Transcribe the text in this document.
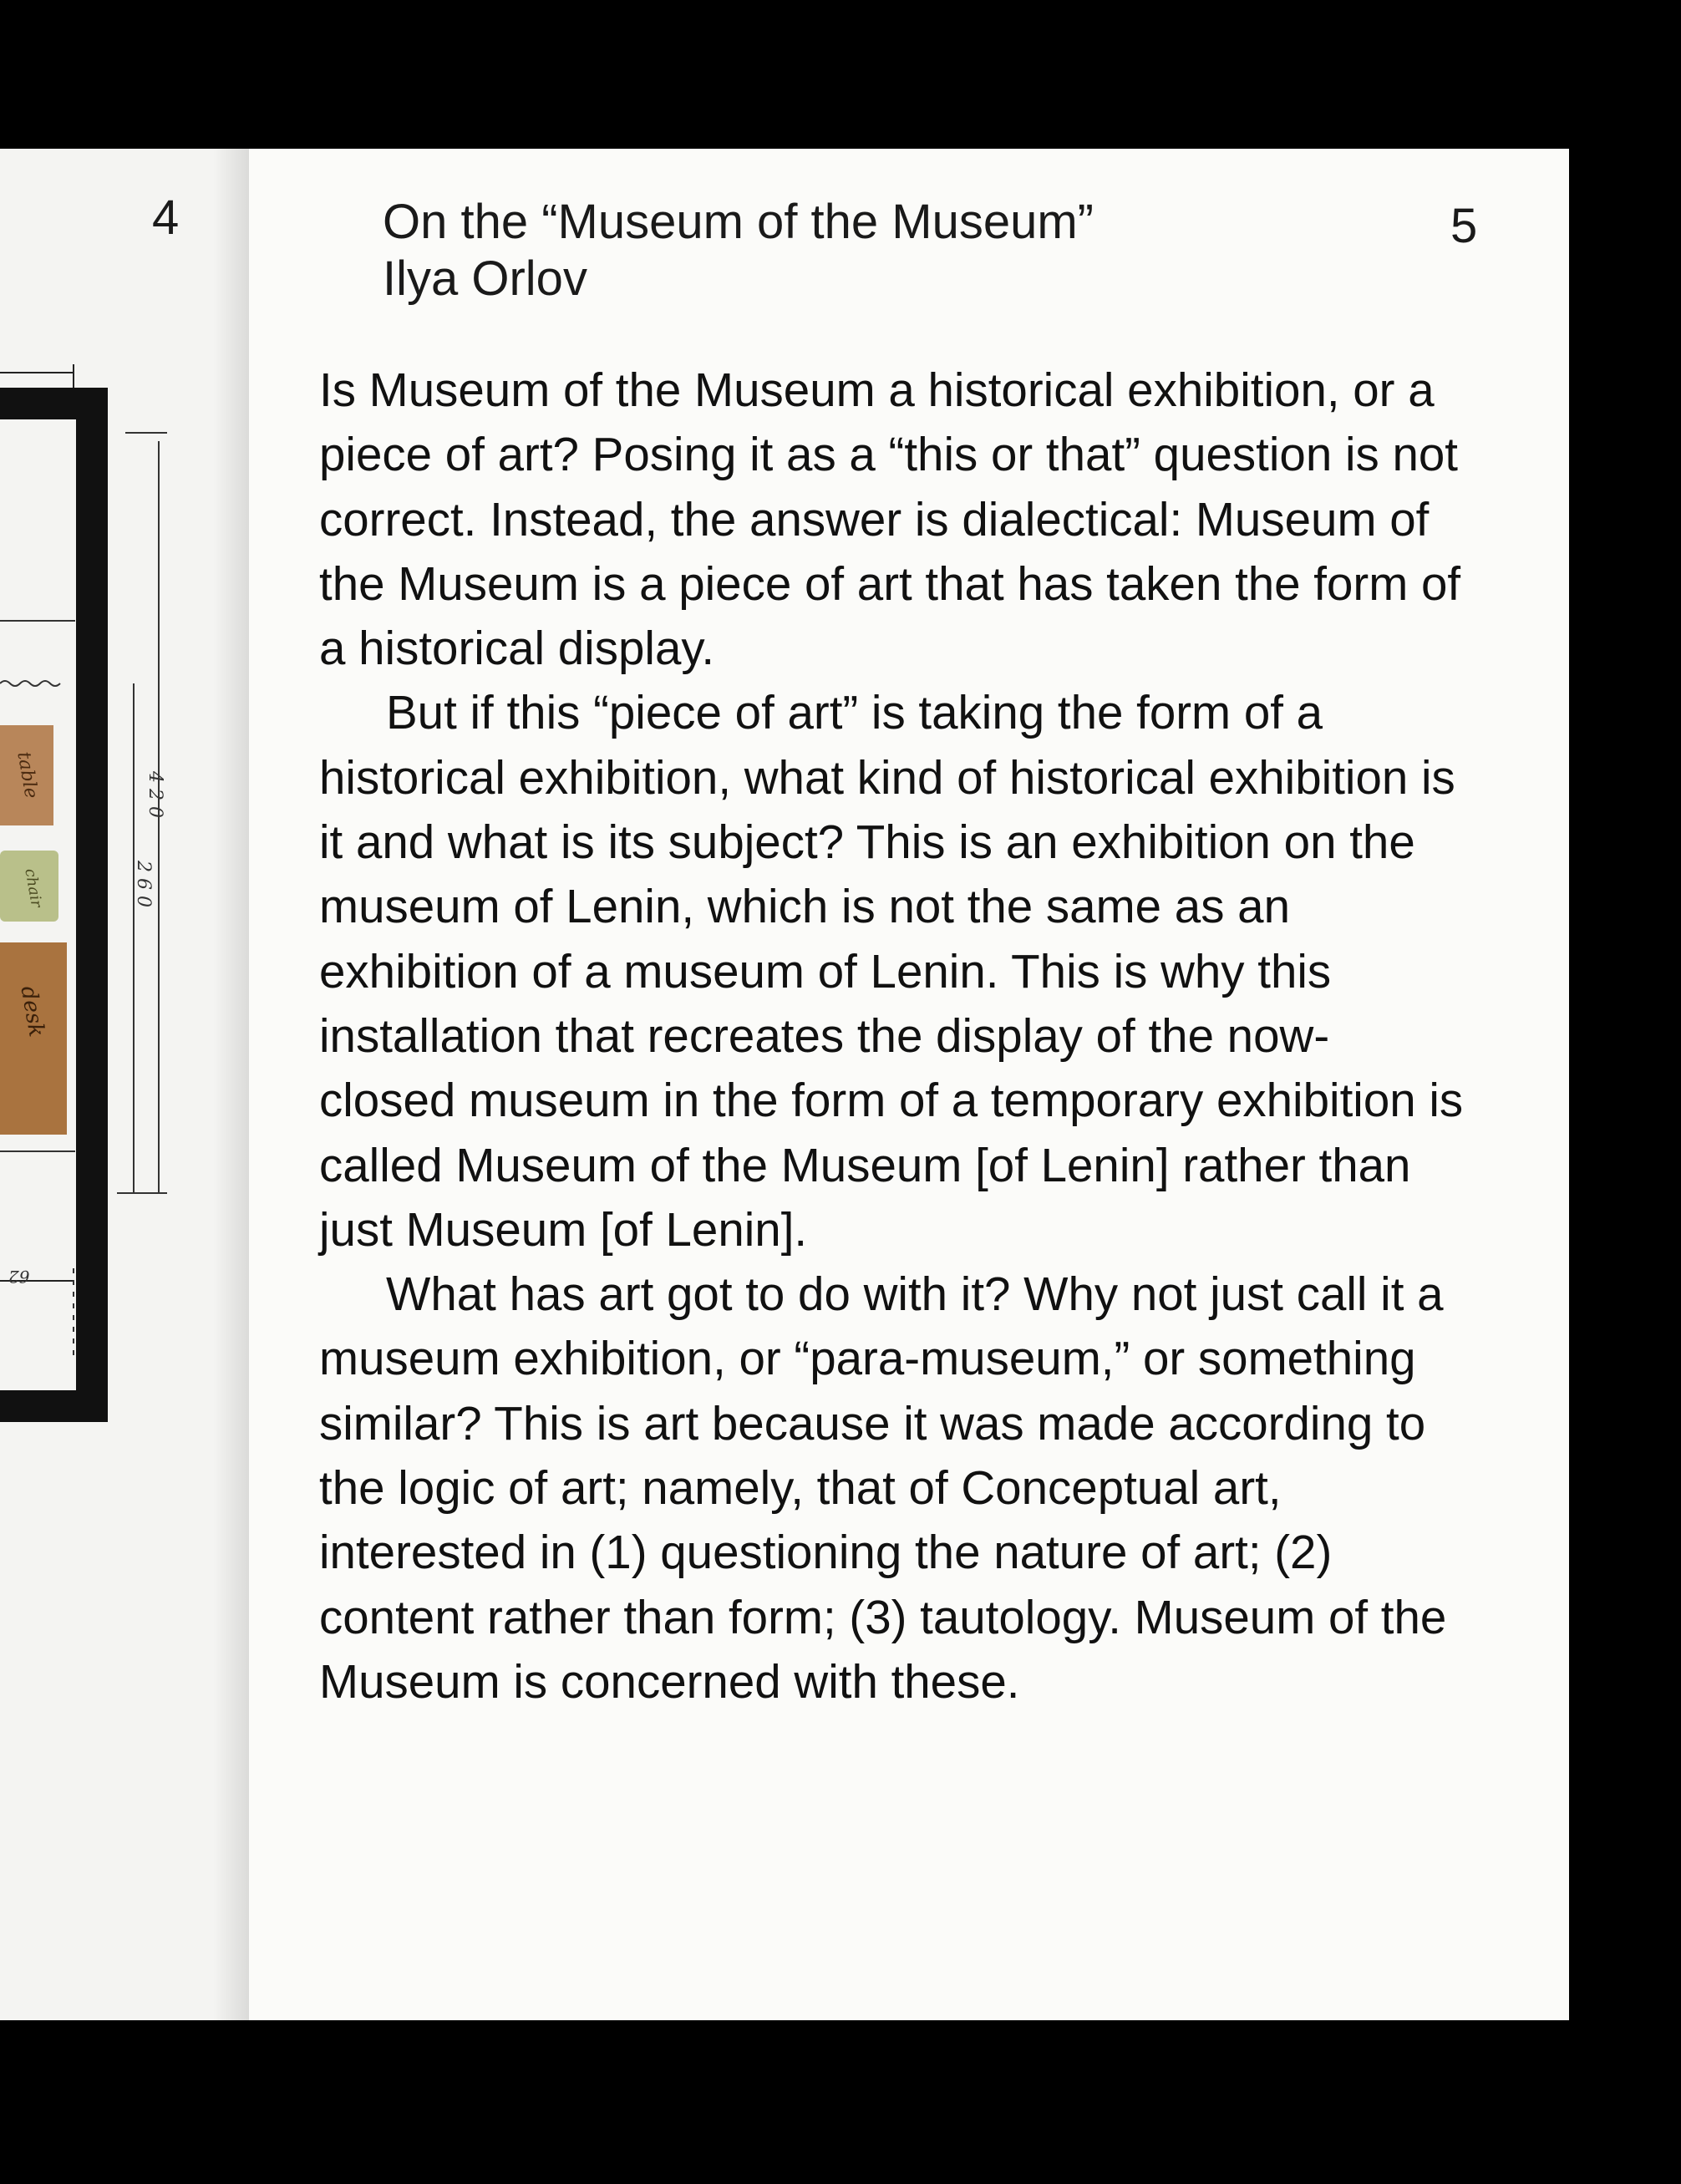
4 2 0
2 6 0
62
table
chair
desk
4	5
On the “Museum of the Museum”
Ilya Orlov

Is Museum of the Museum a historical exhibition, or a piece of art? Posing it as a “this or that” question is not correct. Instead, the answer is dialectical: Museum of the Museum is a piece of art that has taken the form of a historical display.

But if this “piece of art” is taking the form of a historical exhibition, what kind of historical exhibition is it and what is its subject? This is an exhibition on the museum of Lenin, which is not the same as an exhibition of a museum of Lenin. This is why this installation that recreates the display of the now-closed museum in the form of a temporary exhibition is called Museum of the Museum [of Lenin] rather than just Museum [of Lenin].

What has art got to do with it? Why not just call it a museum exhibition, or “para-museum,” or something similar? This is art because it was made according to the logic of art; namely, that of Conceptual art, interested in (1) questioning the nature of art; (2) content rather than form; (3) tautology. Museum of the Museum is concerned with these.
